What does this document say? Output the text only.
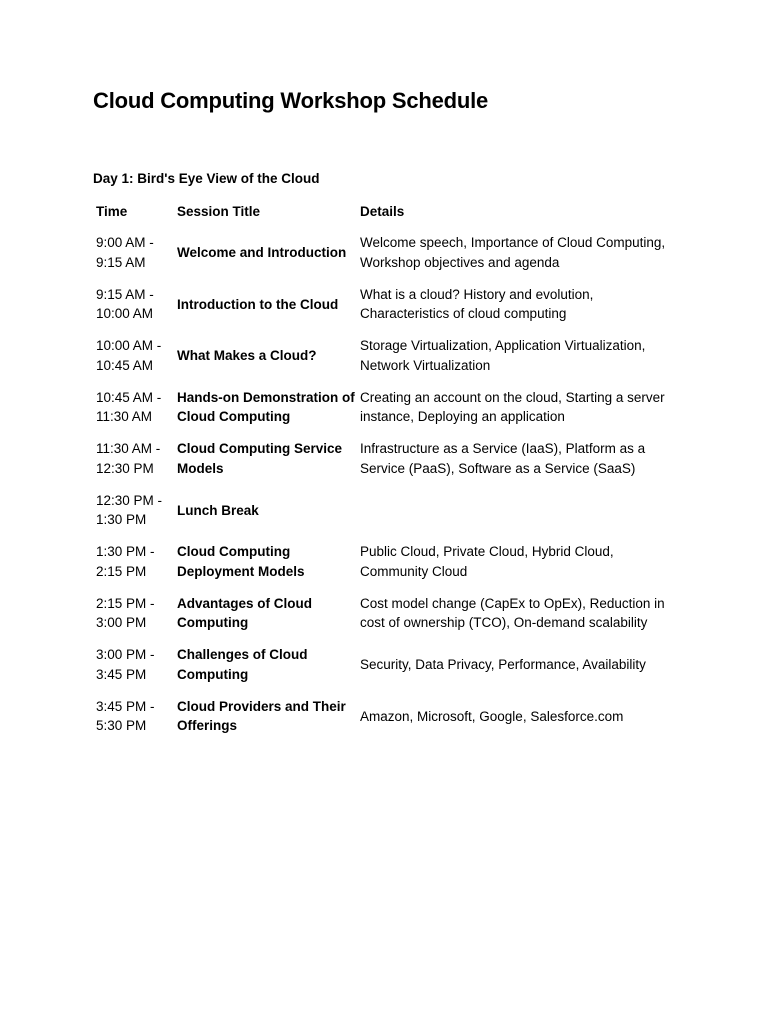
Cloud Computing Workshop Schedule
Day 1: Bird's Eye View of the Cloud
Time	Session Title	Details
9:00 AM -
9:15 AM	Welcome and Introduction	Welcome speech, Importance of Cloud Computing, Workshop objectives and agenda
9:15 AM -
10:00 AM	Introduction to the Cloud	What is a cloud? History and evolution, Characteristics of cloud computing
10:00 AM -
10:45 AM	What Makes a Cloud?	Storage Virtualization, Application Virtualization, Network Virtualization
10:45 AM -
11:30 AM	Hands-on Demonstration of Cloud Computing	Creating an account on the cloud, Starting a server instance, Deploying an application
11:30 AM -
12:30 PM	Cloud Computing Service Models	Infrastructure as a Service (IaaS), Platform as a Service (PaaS), Software as a Service (SaaS)
12:30 PM -
1:30 PM	Lunch Break	
1:30 PM -
2:15 PM	Cloud Computing Deployment Models	Public Cloud, Private Cloud, Hybrid Cloud, Community Cloud
2:15 PM -
3:00 PM	Advantages of Cloud Computing	Cost model change (CapEx to OpEx), Reduction in cost of ownership (TCO), On-demand scalability
3:00 PM -
3:45 PM	Challenges of Cloud Computing	Security, Data Privacy, Performance, Availability
3:45 PM -
5:30 PM	Cloud Providers and Their Offerings	Amazon, Microsoft, Google, Salesforce.com
